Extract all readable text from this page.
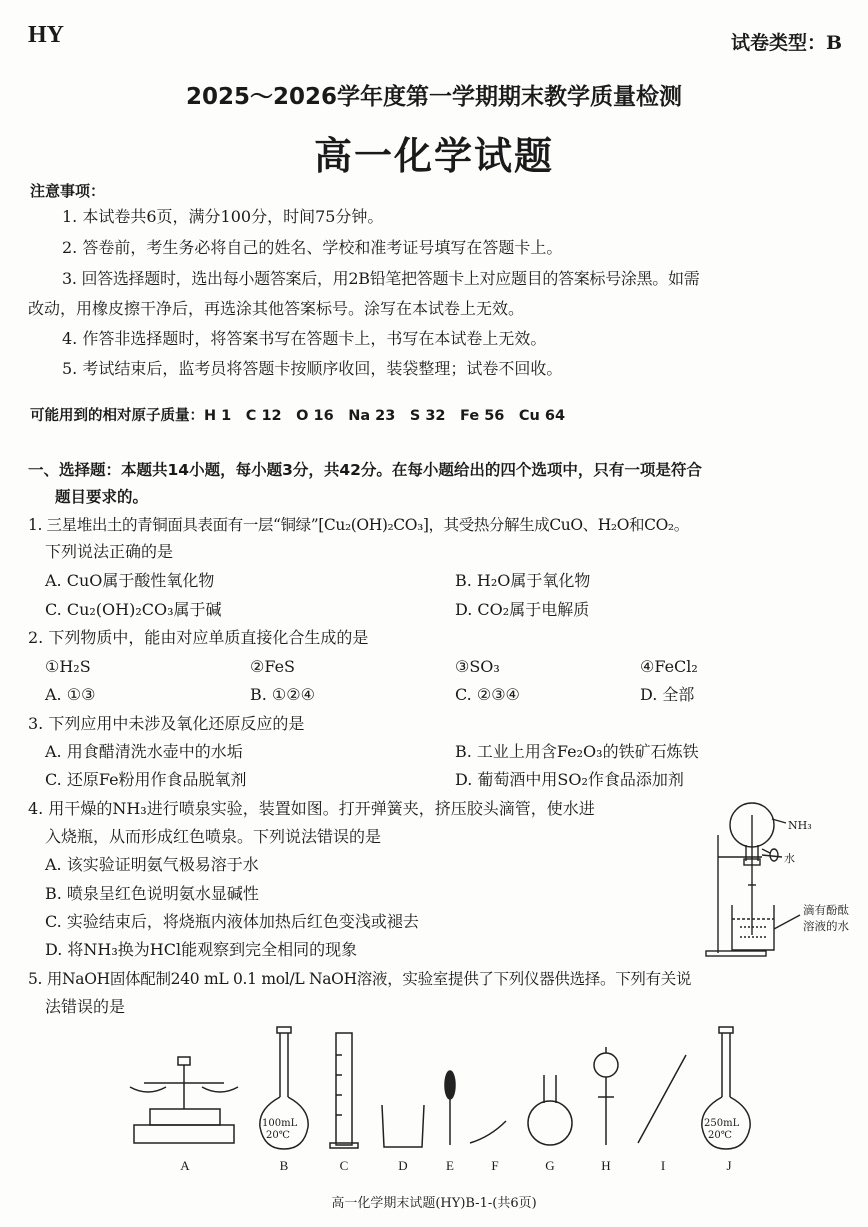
HY	试卷类型：B
2025～2026学年度第一学期期末教学质量检测
高一化学试题
注意事项：
1. 本试卷共6页，满分100分，时间75分钟。
2. 答卷前，考生务必将自己的姓名、学校和准考证号填写在答题卡上。
3. 回答选择题时，选出每小题答案后，用2B铅笔把答题卡上对应题目的答案标号涂黑。如需
改动，用橡皮擦干净后，再选涂其他答案标号。涂写在本试卷上无效。
4. 作答非选择题时，将答案书写在答题卡上，书写在本试卷上无效。
5. 考试结束后，监考员将答题卡按顺序收回，装袋整理；试卷不回收。
可能用到的相对原子质量：H 1　C 12　O 16　Na 23　S 32　Fe 56　Cu 64
一、选择题：本题共14小题，每小题3分，共42分。在每小题给出的四个选项中，只有一项是符合
题目要求的。
1. 三星堆出土的青铜面具表面有一层“铜绿”[Cu₂(OH)₂CO₃]，其受热分解生成CuO、H₂O和CO₂。
下列说法正确的是
A. CuO属于酸性氧化物	B. H₂O属于氧化物
C. Cu₂(OH)₂CO₃属于碱	D. CO₂属于电解质
2. 下列物质中，能由对应单质直接化合生成的是
①H₂S	②FeS	③SO₃	④FeCl₂
A. ①③	B. ①②④	C. ②③④	D. 全部
3. 下列应用中未涉及氧化还原反应的是
A. 用食醋清洗水壶中的水垢	B. 工业上用含Fe₂O₃的铁矿石炼铁
C. 还原Fe粉用作食品脱氧剂	D. 葡萄酒中用SO₂作食品添加剂
4. 用干燥的NH₃进行喷泉实验，装置如图。打开弹簧夹，挤压胶头滴管，使水进
入烧瓶，从而形成红色喷泉。下列说法错误的是
A. 该实验证明氨气极易溶于水
B. 喷泉呈红色说明氨水显碱性
C. 实验结束后，将烧瓶内液体加热后红色变浅或褪去
D. 将NH₃换为HCl能观察到完全相同的现象
NH₃
水
滴有酚酞
溶液的水
5. 用NaOH固体配制240 mL 0.1 mol/L NaOH溶液，实验室提供了下列仪器供选择。下列有关说
法错误的是
100mL
20℃
250mL
20℃
A	B	C	D	E	F	G	H	I	J
高一化学期末试题(HY)B-1-(共6页)
